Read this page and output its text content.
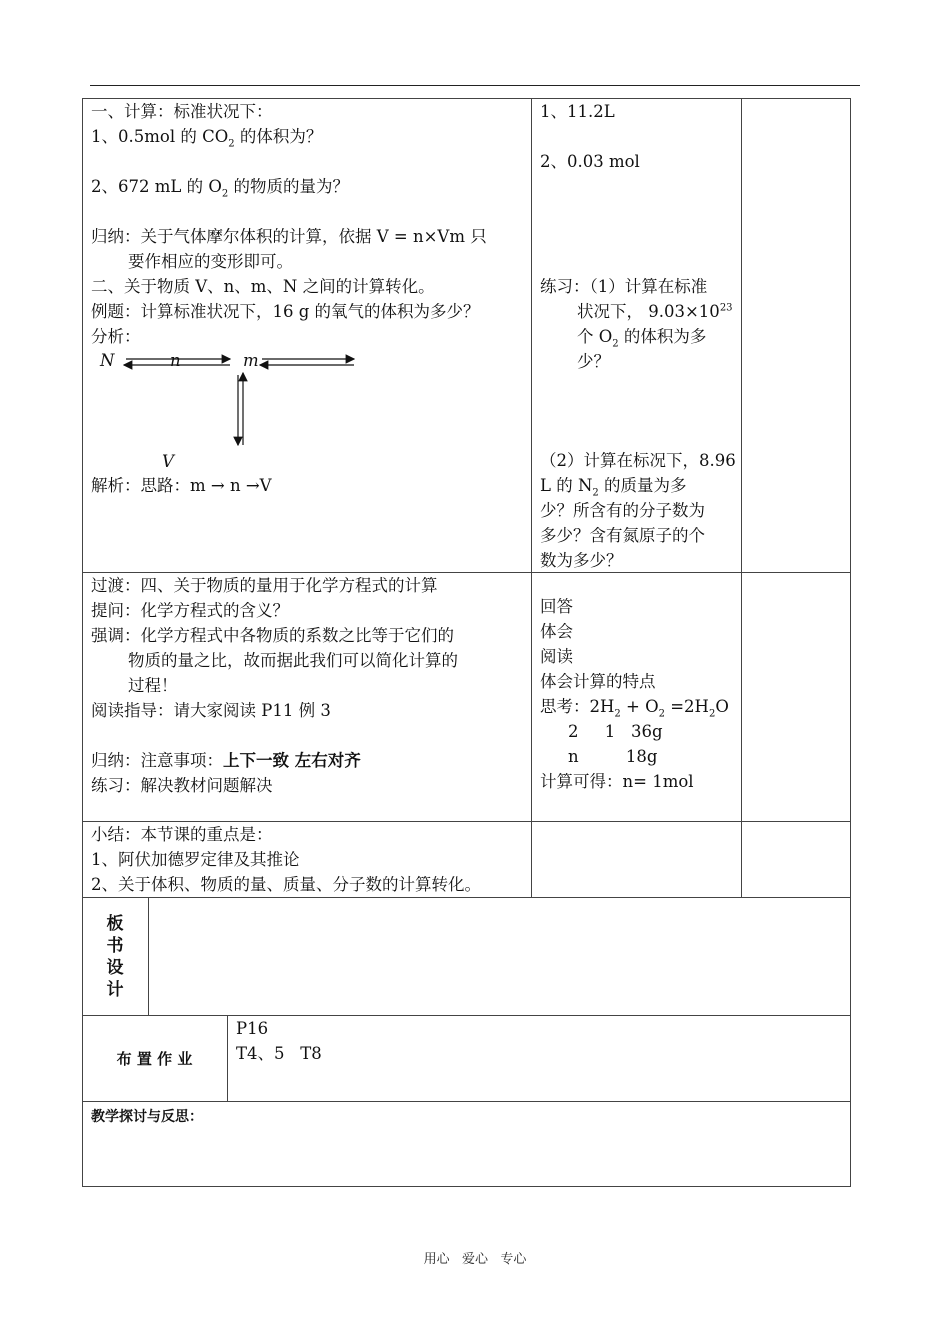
一、计算：标准状况下：
1、0.5mol 的 $CO_2$ 的体积为？
2、672 mL 的 $O_2$ 的物质的量为？
归纳：关于气体摩尔体积的计算，依据 V = n×Vm 只
要作相应的变形即可。
二、关于物质 V、n、m、N 之间的计算转化。
例题：计算标准状况下，16 g 的氧气的体积为多少？
分析：
N	n	m
V
解析：思路：m → n →V
1、11.2L
2、0.03 mol
练习：（1）计算在标准
状况下， $9.03\times 10^{23}$
个 $O_2$ 的体积为多
少？
（2）计算在标况下，8.96
L 的 $N_2$ 的质量为多
少？所含有的分子数为
多少？含有氮原子的个
数为多少？
过渡：四、关于物质的量用于化学方程式的计算
提问：化学方程式的含义？
强调：化学方程式中各物质的系数之比等于它们的
物质的量之比，故而据此我们可以简化计算的
过程！
阅读指导：请大家阅读 P11 例 3
归纳：注意事项：上下一致 左右对齐
练习：解决教材问题解决
回答
体会
阅读
体会计算的特点
思考：$2H_2 + O_2 =2H_2O$
2     1   36g
n         18g
计算可得：n= 1mol
小结：本节课的重点是：
1、阿伏加德罗定律及其推论
2、关于体积、物质的量、质量、分子数的计算转化。
板
书
设
计
布 置 作 业
P16
T4、5   T8
教学探讨与反思：
用心   爱心   专心
